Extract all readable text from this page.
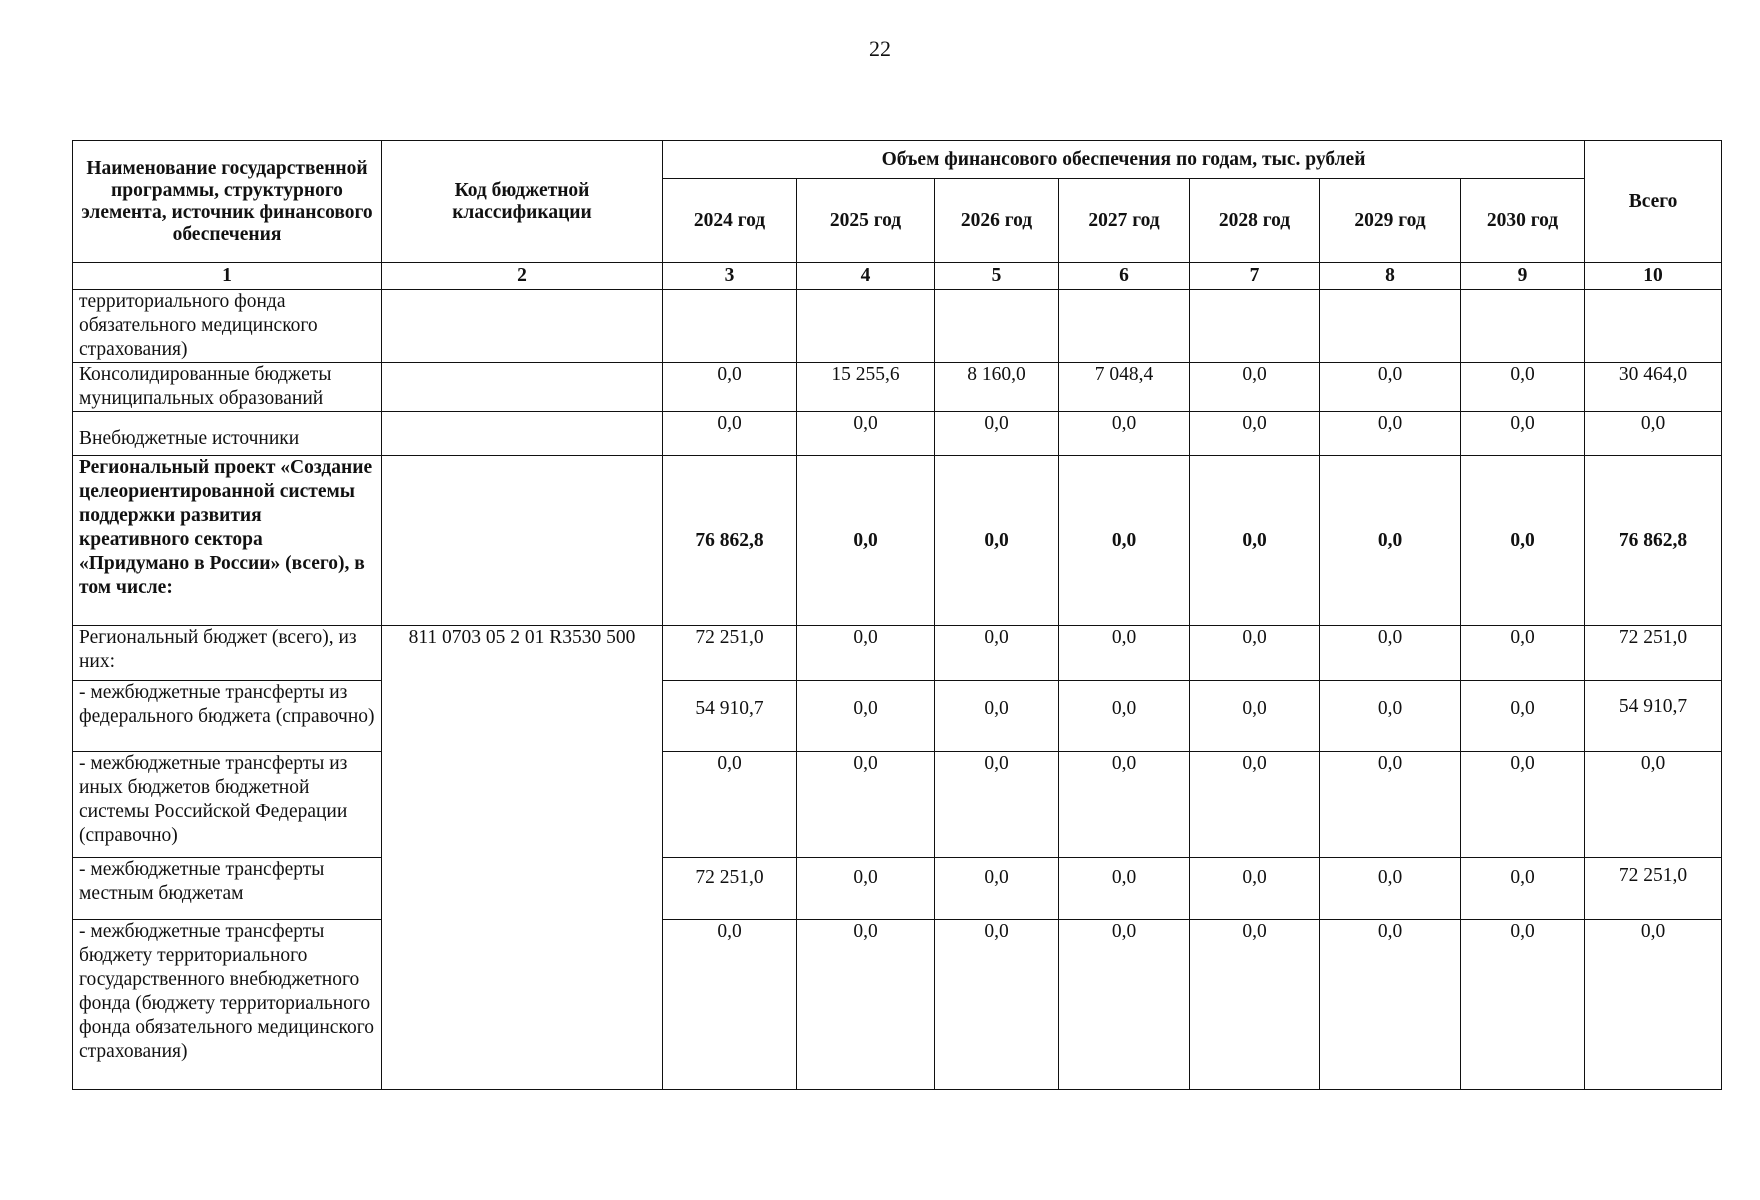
22
Наименование государственной программы, структурного элемента, источник финансового обеспечения	Код бюджетной классификации	Объем финансового обеспечения по годам, тыс. рублей							Всего
		2024 год	2025 год	2026 год	2027 год	2028 год	2029 год	2030 год	
1	2	3	4	5	6	7	8	9	10
территориального фонда обязательного медицинского страхования)									
Консолидированные бюджеты муниципальных образований		0,0	15 255,6	8 160,0	7 048,4	0,0	0,0	0,0	30 464,0
Внебюджетные источники		0,0	0,0	0,0	0,0	0,0	0,0	0,0	0,0
Региональный проект «Создание целеориентированной системы поддержки развития креативного сектора «Придумано в России» (всего), в том числе:		76 862,8	0,0	0,0	0,0	0,0	0,0	0,0	76 862,8
Региональный бюджет (всего), из них:	811 0703 05 2 01 R3530 500	72 251,0	0,0	0,0	0,0	0,0	0,0	0,0	72 251,0
- межбюджетные трансферты из федерального бюджета (справочно)		54 910,7	0,0	0,0	0,0	0,0	0,0	0,0	54 910,7
- межбюджетные трансферты из иных бюджетов бюджетной системы Российской Федерации (справочно)		0,0	0,0	0,0	0,0	0,0	0,0	0,0	0,0
- межбюджетные трансферты местным бюджетам		72 251,0	0,0	0,0	0,0	0,0	0,0	0,0	72 251,0
- межбюджетные трансферты бюджету территориального государственного внебюджетного фонда (бюджету территориального фонда обязательного медицинского страхования)		0,0	0,0	0,0	0,0	0,0	0,0	0,0	0,0
